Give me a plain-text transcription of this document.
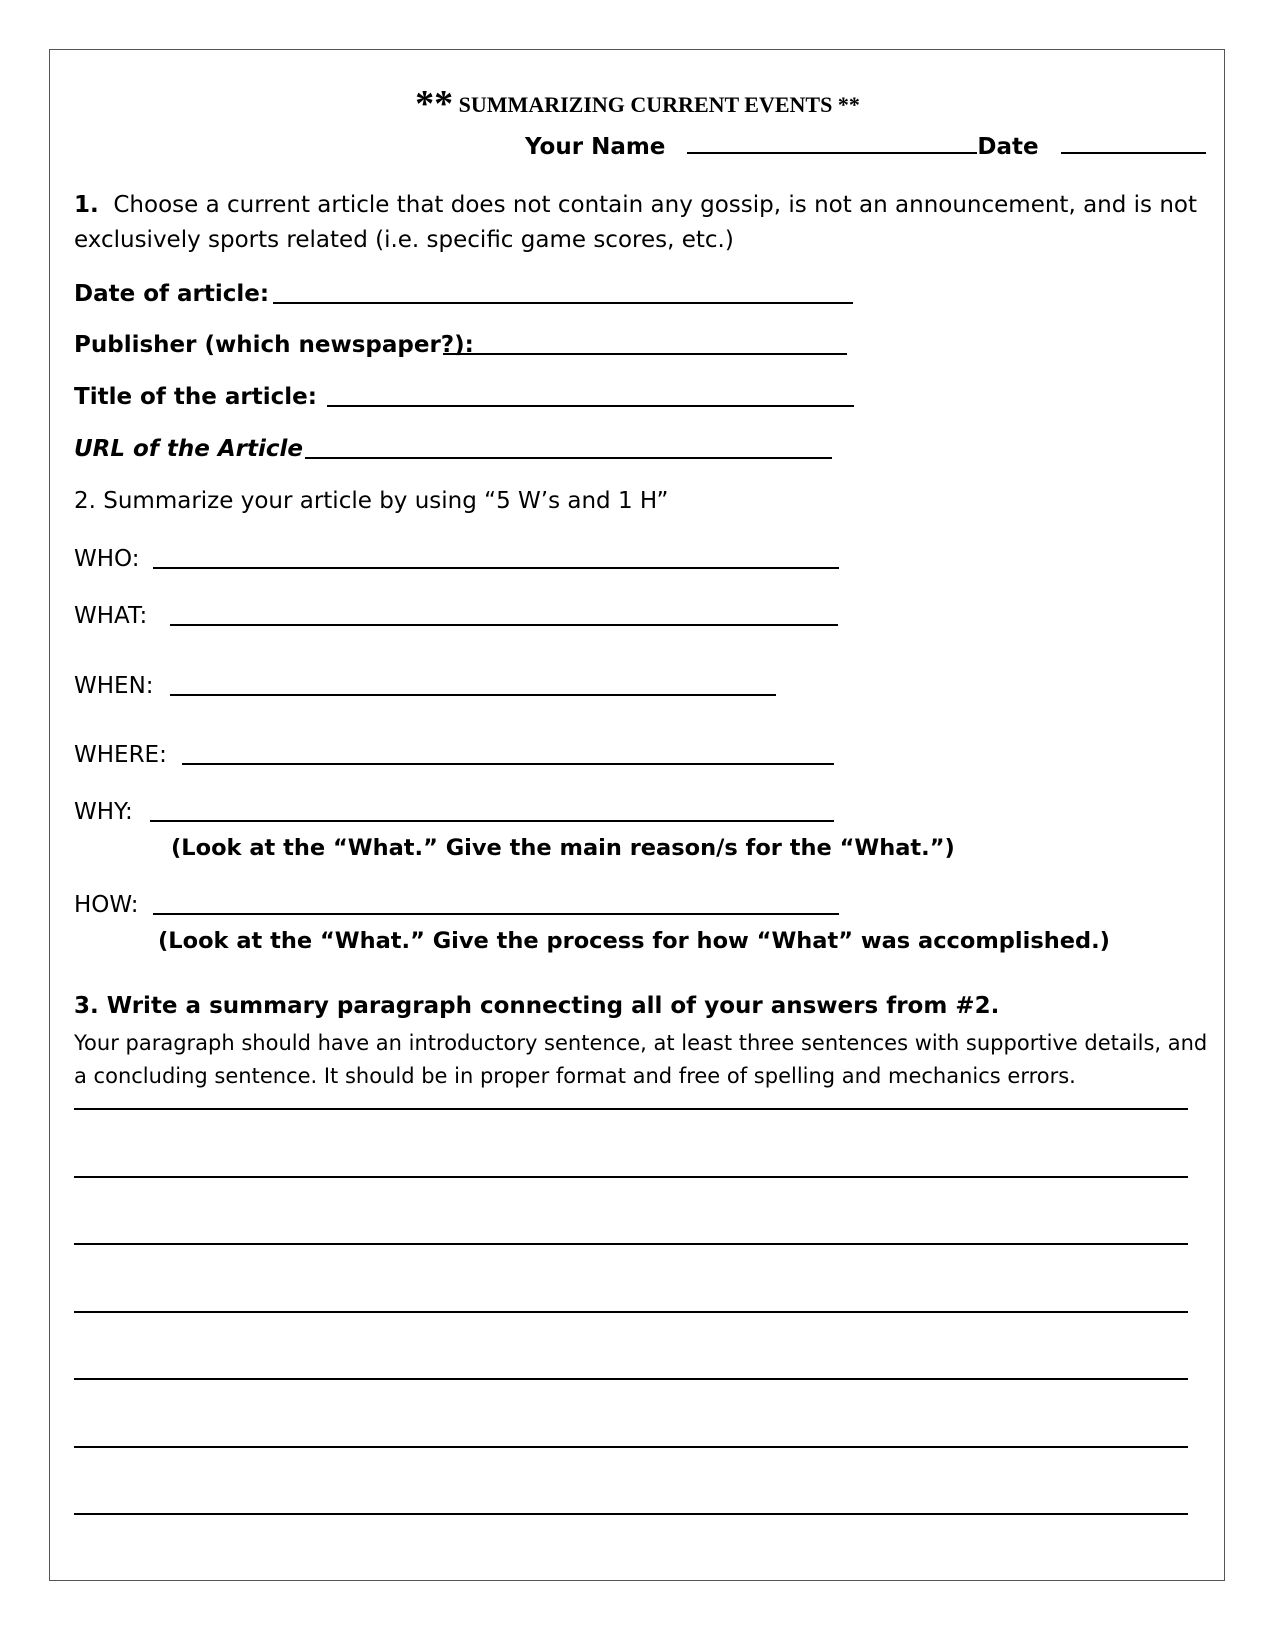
** SUMMARIZING CURRENT EVENTS **
Your Name	Date
1. Choose a current article that does not contain any gossip, is not an announcement, and is not exclusively sports related (i.e. specific game scores, etc.)
Date of article:
Publisher (which newspaper?):
Title of the article:
URL of the Article
2. Summarize your article by using “5 W’s and 1 H”
WHO:
WHAT:
WHEN:
WHERE:
WHY:
(Look at the “What.” Give the main reason/s for the “What.”)
HOW:
(Look at the “What.” Give the process for how “What” was accomplished.)
3. Write a summary paragraph connecting all of your answers from #2.
Your paragraph should have an introductory sentence, at least three sentences with supportive details, and a concluding sentence. It should be in proper format and free of spelling and mechanics errors.
